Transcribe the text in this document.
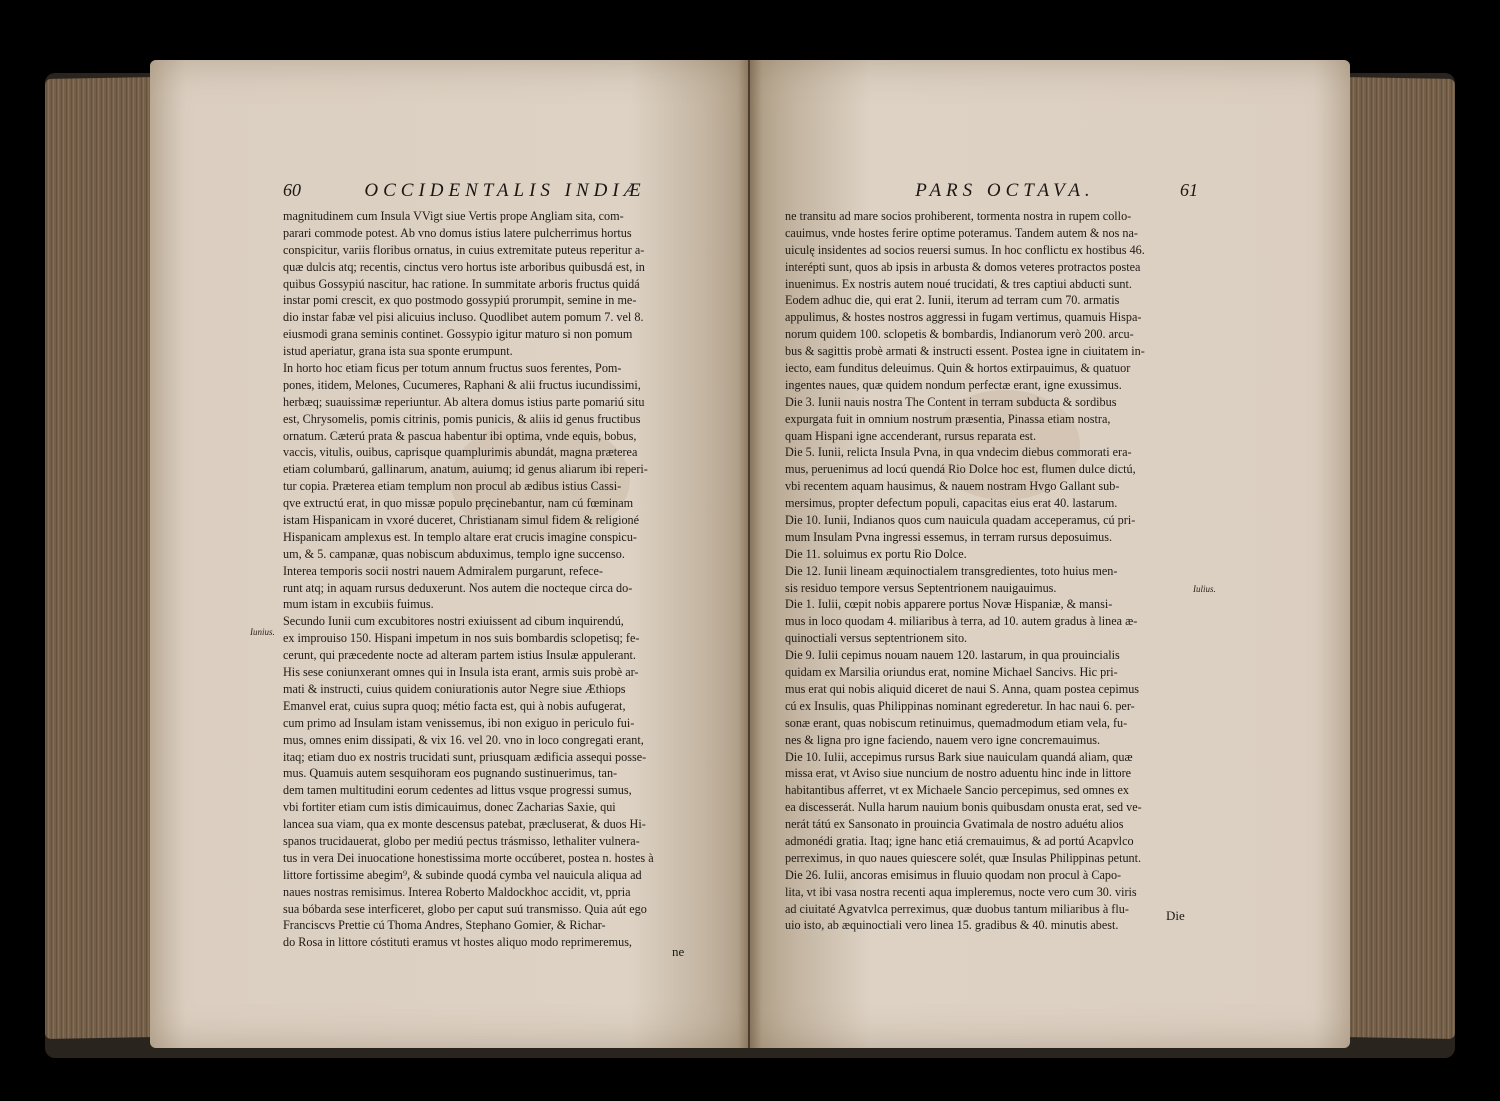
60	OCCIDENTALIS INDIÆ
Iunius.
magnitudinem cum Insula VVigt siue Vertis prope Angliam sita, com-
parari commode potest. Ab vno domus istius latere pulcherrimus hortus
conspicitur, variis floribus ornatus, in cuius extremitate puteus reperitur a-
quæ dulcis atq; recentis, cinctus vero hortus iste arboribus quibusdá est, in
quibus Gossypiú nascitur, hac ratione. In summitate arboris fructus quidá
instar pomi crescit, ex quo postmodo gossypiú prorumpit, semine in me-
dio instar fabæ vel pisi alicuius incluso. Quodlibet autem pomum 7. vel 8.
eiusmodi grana seminis continet. Gossypio igitur maturo si non pomum
istud aperiatur, grana ista sua sponte erumpunt.
In horto hoc etiam ficus per totum annum fructus suos ferentes, Pom-
pones, itidem, Melones, Cucumeres, Raphani & alii fructus iucundissimi,
herbæq; suauissimæ reperiuntur. Ab altera domus istius parte pomariú situ
est, Chrysomelis, pomis citrinis, pomis punicis, & aliis id genus fructibus
ornatum. Cæterú prata & pascua habentur ibi optima, vnde equis, bobus,
vaccis, vitulis, ouibus, caprisque quamplurimis abundát, magna præterea
etiam columbarú, gallinarum, anatum, auiumq; id genus aliarum ibi reperi-
tur copia. Præterea etiam templum non procul ab ædibus istius Cassi-
qve extructú erat, in quo missæ populo pręcinebantur, nam cú fœminam
istam Hispanicam in vxoré duceret, Christianam simul fidem & religioné
Hispanicam amplexus est. In templo altare erat crucis imagine conspicu-
um, & 5. campanæ, quas nobiscum abduximus, templo igne succenso.
Interea temporis socii nostri nauem Admiralem purgarunt, refece-
runt atq; in aquam rursus deduxerunt. Nos autem die nocteque circa do-
mum istam in excubiis fuimus.
Secundo Iunii cum excubitores nostri exiuissent ad cibum inquirendú,
ex improuiso 150. Hispani impetum in nos suis bombardis sclopetisq; fe-
cerunt, qui præcedente nocte ad alteram partem istius Insulæ appulerant.
His sese coniunxerant omnes qui in Insula ista erant, armis suis probè ar-
mati & instructi, cuius quidem coniurationis autor Negre siue Æthiops
Emanvel erat, cuius supra quoq; métio facta est, qui à nobis aufugerat,
cum primo ad Insulam istam venissemus, ibi non exiguo in periculo fui-
mus, omnes enim dissipati, & vix 16. vel 20. vno in loco congregati erant,
itaq; etiam duo ex nostris trucidati sunt, priusquam ædificia assequi posse-
mus. Quamuis autem sesquihoram eos pugnando sustinuerimus, tan-
dem tamen multitudini eorum cedentes ad littus vsque progressi sumus,
vbi fortiter etiam cum istis dimicauimus, donec Zacharias Saxie, qui
lancea sua viam, qua ex monte descensus patebat, præcluserat, & duos Hi-
spanos trucidauerat, globo per mediú pectus trásmisso, lethaliter vulnera-
tus in vera Dei inuocatione honestissima morte occúberet, postea n. hostes à
littore fortissime abegim⁹, & subinde quodá cymba vel nauicula aliqua ad
naues nostras remisimus. Interea Roberto Maldockhoc accidit, vt, ppria
sua bóbarda sese interficeret, globo per caput suú transmisso. Quia aút ego
Franciscvs Prettie cú Thoma Andres, Stephano Gomier, & Richar-
do Rosa in littore cóstituti eramus vt hostes aliquo modo reprimeremus,
ne
PARS OCTAVA.	61
Iulius.
ne transitu ad mare socios prohiberent, tormenta nostra in rupem collo-
cauimus, vnde hostes ferire optime poteramus. Tandem autem & nos na-
uiculę insidentes ad socios reuersi sumus. In hoc conflictu ex hostibus 46.
interépti sunt, quos ab ipsis in arbusta & domos veteres protractos postea
inuenimus. Ex nostris autem noué trucidati, & tres captiui abducti sunt.
Eodem adhuc die, qui erat 2. Iunii, iterum ad terram cum 70. armatis
appulimus, & hostes nostros aggressi in fugam vertimus, quamuis Hispa-
norum quidem 100. sclopetis & bombardis, Indianorum verò 200. arcu-
bus & sagittis probè armati & instructi essent. Postea igne in ciuitatem in-
iecto, eam funditus deleuimus. Quin & hortos extirpauimus, & quatuor
ingentes naues, quæ quidem nondum perfectæ erant, igne exussimus.
Die 3. Iunii nauis nostra The Content in terram subducta & sordibus
expurgata fuit in omnium nostrum præsentia, Pinassa etiam nostra,
quam Hispani igne accenderant, rursus reparata est.
Die 5. Iunii, relicta Insula Pvna, in qua vndecim diebus commorati era-
mus, peruenimus ad locú quendá Rio Dolce hoc est, flumen dulce dictú,
vbi recentem aquam hausimus, & nauem nostram Hvgo Gallant sub-
mersimus, propter defectum populi, capacitas eius erat 40. lastarum.
Die 10. Iunii, Indianos quos cum nauicula quadam acceperamus, cú pri-
mum Insulam Pvna ingressi essemus, in terram rursus deposuimus.
Die 11. soluimus ex portu Rio Dolce.
Die 12. Iunii lineam æquinoctialem transgredientes, toto huius men-
sis residuo tempore versus Septentrionem nauigauimus.
Die 1. Iulii, cœpit nobis apparere portus Novæ Hispaniæ, & mansi-
mus in loco quodam 4. miliaribus à terra, ad 10. autem gradus à linea æ-
quinoctiali versus septentrionem sito.
Die 9. Iulii cepimus nouam nauem 120. lastarum, in qua prouincialis
quidam ex Marsilia oriundus erat, nomine Michael Sancivs. Hic pri-
mus erat qui nobis aliquid diceret de naui S. Anna, quam postea cepimus
cú ex Insulis, quas Philippinas nominant egrederetur. In hac naui 6. per-
sonæ erant, quas nobiscum retinuimus, quemadmodum etiam vela, fu-
nes & ligna pro igne faciendo, nauem vero igne concremauimus.
Die 10. Iulii, accepimus rursus Bark siue nauiculam quandá aliam, quæ
missa erat, vt Aviso siue nuncium de nostro aduentu hinc inde in littore
habitantibus afferret, vt ex Michaele Sancio percepimus, sed omnes ex
ea discesserát. Nulla harum nauium bonis quibusdam onusta erat, sed ve-
nerát tátú ex Sansonato in prouincia Gvatimala de nostro aduétu alios
admonédi gratia. Itaq; igne hanc etiá cremauimus, & ad portú Acapvlco
perreximus, in quo naues quiescere solét, quæ Insulas Philippinas petunt.
Die 26. Iulii, ancoras emisimus in fluuio quodam non procul à Capo-
lita, vt ibi vasa nostra recenti aqua impleremus, nocte vero cum 30. viris
ad ciuitaté Agvatvlca perreximus, quæ duobus tantum miliaribus à flu-
uio isto, ab æquinoctiali vero linea 15. gradibus & 40. minutis abest.
Die
